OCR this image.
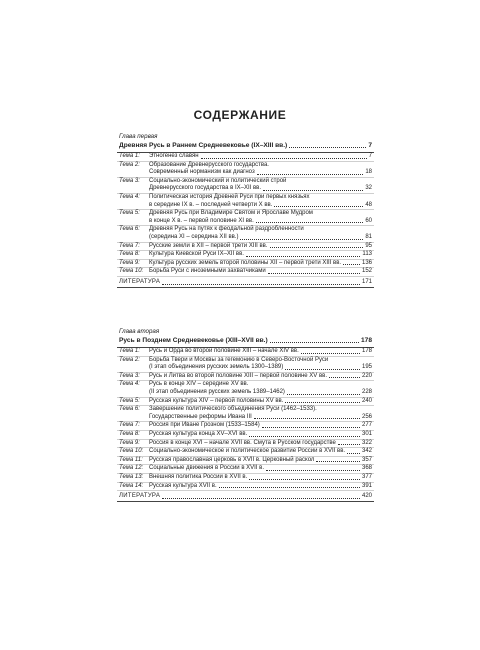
СОДЕРЖАНИЕ
Глава первая
Древняя Русь в Раннем Средневековье (IX–XIII вв.)	7
Тема 1:	Этногенез славян	7
Тема 2:	Образование Древнерусского государства.
Современный норманизм как диагноз	18
Тема 3:	Социально-экономический и политический строй
Древнерусского государства в IX–XII вв.	32
Тема 4:	Политическая история Древней Руси при первых князьях
в середине IX в. – последней четверти X вв.	48
Тема 5:	Древняя Русь при Владимире Святом и Ярославе Мудром
в конце X в. – первой половине XI вв.	60
Тема 6:	Древняя Русь на путях к феодальной раздробленности
(середина XI – середина XII вв.)	81
Тема 7:	Русские земли в XII – первой трети XIII вв.	95
Тема 8:	Культура Киевской Руси IX–XII вв.	113
Тема 9:	Культура русских земель второй половины XII – первой трети XIII вв.	136
Тема 10: Борьба Руси с иноземными захватчиками	152
ЛИТЕРАТУРА	171
Глава вторая
Русь в Позднем Средневековье (XIII–XVII вв.)	178
Тема 1:	Русь и Орда во второй половине XIII – начале XIV вв.	178
Тема 2:	Борьба Твери и Москвы за гегемонию в Северо-Восточной Руси
(I этап объединения русских земель 1300–1389)	195
Тема 3:	Русь и Литва во второй половине XIII – первой половине XV вв.	220
Тема 4:	Русь в конце XIV – середине XV вв.
(II этап объединения русских земель 1389–1462)	228
Тема 5:	Русская культура XIV – первой половины XV вв.	240
Тема 6:	Завершение политического объединения Руси (1462–1533).
Государственные реформы Ивана III	256
Тема 7:	Россия при Иване Грозном (1533–1584)	277
Тема 8:	Русская культура конца XV–XVI вв.	301
Тема 9:	Россия в конце XVI – начале XVII вв. Смута в Русском государстве	322
Тема 10: Социально-экономическое и политическое развитие России в XVII вв.	342
Тема 11:	Русская православная церковь в XVII в. Церковный раскол	357
Тема 12: Социальные движения в России в XVII в.	368
Тема 13: Внешняя политика России в XVII в.	377
Тема 14: Русская культура XVII в.	391
ЛИТЕРАТУРА	420
